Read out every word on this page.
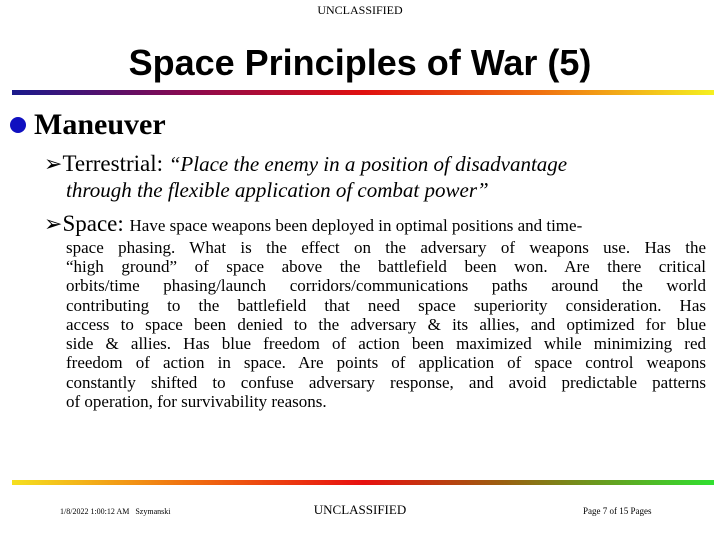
UNCLASSIFIED
Space Principles of War (5)
Maneuver
➢Terrestrial: “Place the enemy in a position of disadvantage
through the flexible application of combat power”
➢Space: Have space weapons been deployed in optimal positions and time-
space phasing. What is the effect on the adversary of weapons use. Has the
“high ground” of space above the battlefield been won. Are there critical
orbits/time phasing/launch corridors/communications paths around the world
contributing to the battlefield that need space superiority consideration. Has
access to space been denied to the adversary & its allies, and optimized for blue
side & allies. Has blue freedom of action been maximized while minimizing red
freedom of action in space. Are points of application of space control weapons
constantly shifted to confuse adversary response, and avoid predictable patterns
of operation, for survivability reasons.
1/8/2022 1:00:12 AM Szymanski	UNCLASSIFIED	Page 7 of 15 Pages
